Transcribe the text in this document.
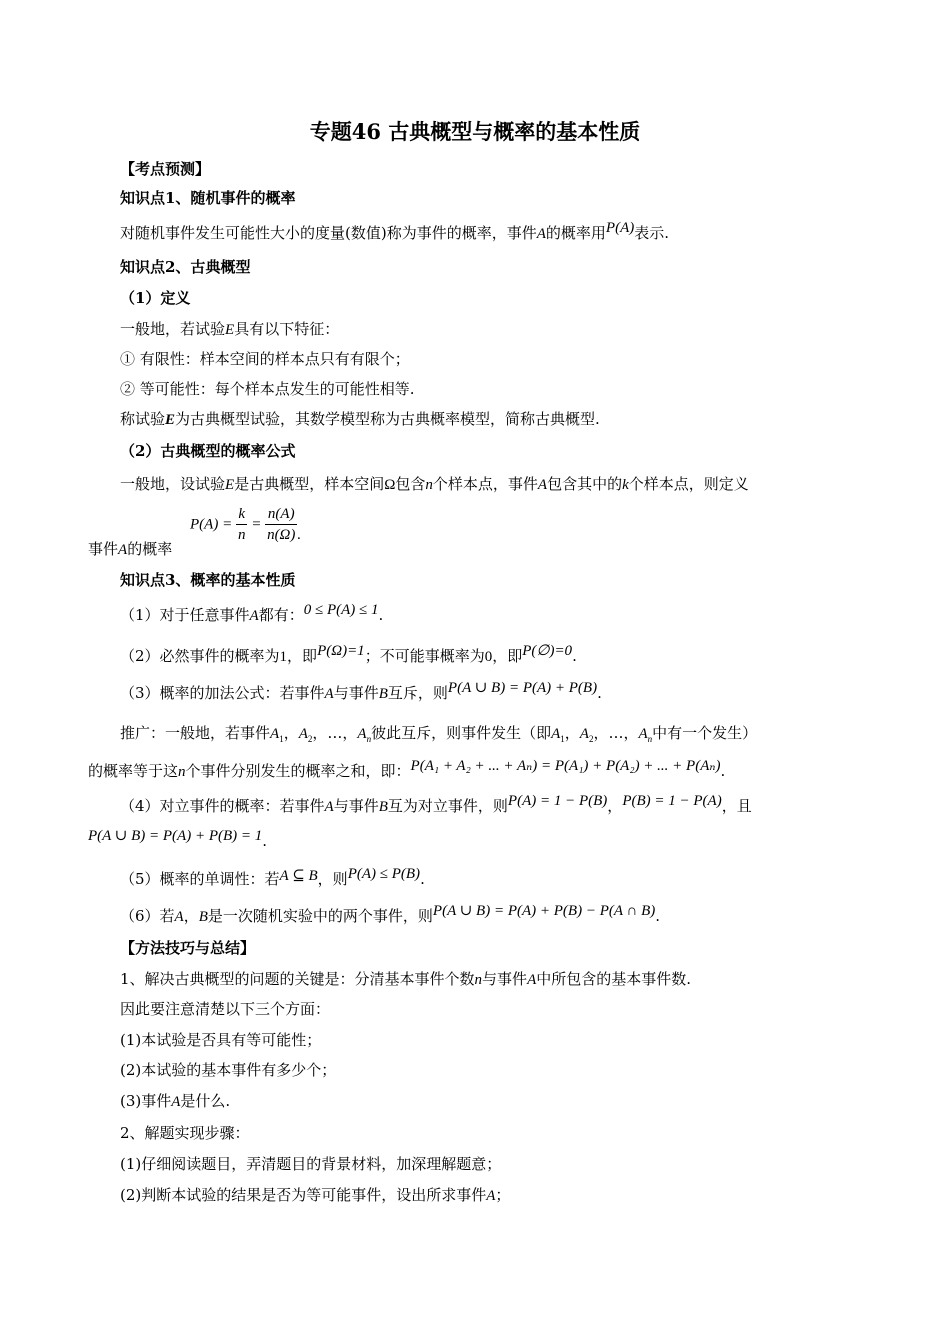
专题46 古典概型与概率的基本性质
【考点预测】
知识点1、随机事件的概率
对随机事件发生可能性大小的度量(数值)称为事件的概率，事件A的概率用P(A)表示.
知识点2、古典概型
（1）定义
一般地，若试验E具有以下特征：
① 有限性：样本空间的样本点只有有限个；
② 等可能性：每个样本点发生的可能性相等.
称试验E为古典概型试验，其数学模型称为古典概率模型，简称古典概型.
（2）古典概型的概率公式
一般地，设试验E是古典概型，样本空间Ω包含n个样本点，事件A包含其中的k个样本点，则定义
事件A的概率
$P(A) = \frac{k}{n} = \frac{n(A)}{n(\Omega)}$ .
知识点3、概率的基本性质
（1）对于任意事件A都有：0 ≤ P(A) ≤ 1.
（2）必然事件的概率为1，即P(Ω)=1；不可能事概率为0，即P(∅)=0.
（3）概率的加法公式：若事件A与事件B互斥，则P(A ∪ B) = P(A) + P(B).
推广：一般地，若事件$A_1$，$A_2$，…，$A_n$彼此互斥，则事件发生（即$A_1$，$A_2$，…，$A_n$中有一个发生）
的概率等于这n个事件分别发生的概率之和，即：P(A₁ + A₂ + ... + Aₙ) = P(A₁) + P(A₂) + ... + P(Aₙ).
（4）对立事件的概率：若事件A与事件B互为对立事件，则P(A) = 1 − P(B)，P(B) = 1 − P(A)，且
P(A ∪ B) = P(A) + P(B) = 1.
（5）概率的单调性：若A ⊆ B，则P(A) ≤ P(B).
（6）若A，B是一次随机实验中的两个事件，则P(A ∪ B) = P(A) + P(B) − P(A ∩ B).
【方法技巧与总结】
1、解决古典概型的问题的关键是：分清基本事件个数n与事件A中所包含的基本事件数.
因此要注意清楚以下三个方面：
(1)本试验是否具有等可能性；
(2)本试验的基本事件有多少个；
(3)事件A是什么.
2、解题实现步骤：
(1)仔细阅读题目，弄清题目的背景材料，加深理解题意；
(2)判断本试验的结果是否为等可能事件，设出所求事件A；
